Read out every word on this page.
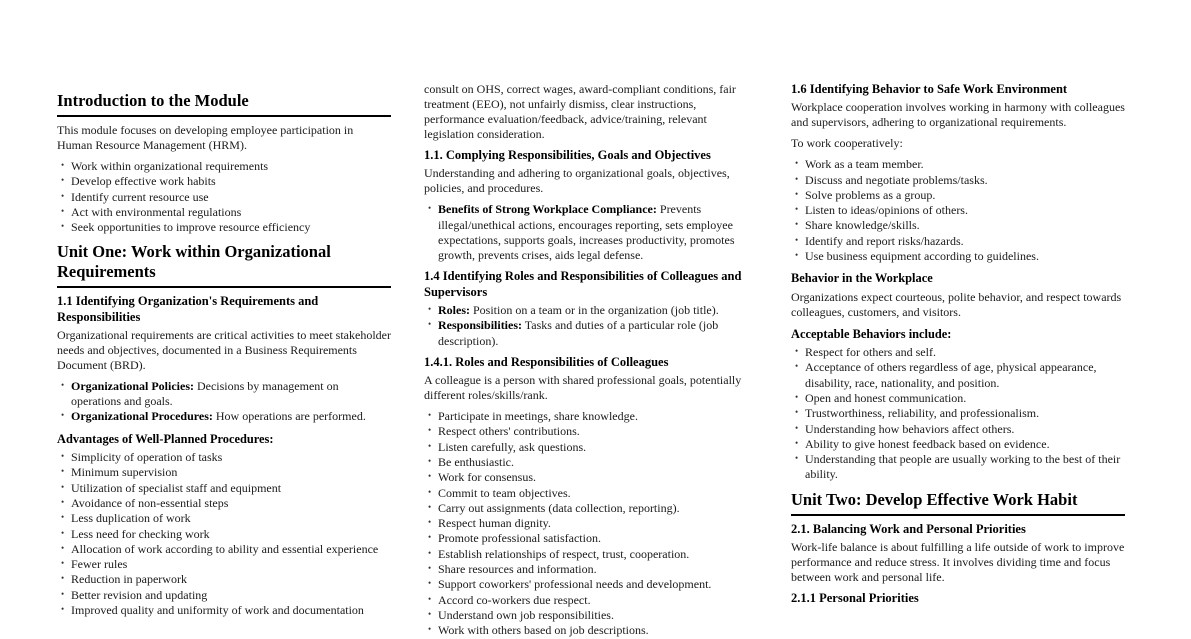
Introduction to the Module

This module focuses on developing employee participation in Human Resource Management (HRM).

• Work within organizational requirements
• Develop effective work habits
• Identify current resource use
• Act with environmental regulations
• Seek opportunities to improve resource efficiency
Unit One: Work within Organizational Requirements
1.1 Identifying Organization's Requirements and Responsibilities

Organizational requirements are critical activities to meet stakeholder needs and objectives, documented in a Business Requirements Document (BRD).

• Organizational Policies: Decisions by management on operations and goals.
• Organizational Procedures: How operations are performed.
Advantages of Well-Planned Procedures:
• Simplicity of operation of tasks
• Minimum supervision
• Utilization of specialist staff and equipment
• Avoidance of non-essential steps
• Less duplication of work
• Less need for checking work
• Allocation of work according to ability and essential experience
• Fewer rules
• Reduction in paperwork
• Better revision and updating
• Improved quality and uniformity of work and documentation

consult on OHS, correct wages, award-compliant conditions, fair treatment (EEO), not unfairly dismiss, clear instructions, performance evaluation/feedback, advice/training, relevant legislation consideration.

1.1. Complying Responsibilities, Goals and Objectives

Understanding and adhering to organizational goals, objectives, policies, and procedures.

• Benefits of Strong Workplace Compliance: Prevents illegal/unethical actions, encourages reporting, sets employee expectations, supports goals, increases productivity, promotes growth, prevents crises, aids legal defense.
1.4 Identifying Roles and Responsibilities of Colleagues and Supervisors
• Roles: Position on a team or in the organization (job title).
• Responsibilities: Tasks and duties of a particular role (job description).
1.4.1. Roles and Responsibilities of Colleagues

A colleague is a person with shared professional goals, potentially different roles/skills/rank.

• Participate in meetings, share knowledge.
• Respect others' contributions.
• Listen carefully, ask questions.
• Be enthusiastic.
• Work for consensus.
• Commit to team objectives.
• Carry out assignments (data collection, reporting).
• Respect human dignity.
• Promote professional satisfaction.
• Establish relationships of respect, trust, cooperation.
• Share resources and information.
• Support coworkers' professional needs and development.
• Accord co-workers due respect.
• Understand own job responsibilities.
• Work with others based on job descriptions.
1.6 Identifying Behavior to Safe Work Environment

Workplace cooperation involves working in harmony with colleagues and supervisors, adhering to organizational requirements.

To work cooperatively:

• Work as a team member.
• Discuss and negotiate problems/tasks.
• Solve problems as a group.
• Listen to ideas/opinions of others.
• Share knowledge/skills.
• Identify and report risks/hazards.
• Use business equipment according to guidelines.
Behavior in the Workplace

Organizations expect courteous, polite behavior, and respect towards colleagues, customers, and visitors.

Acceptable Behaviors include:
• Respect for others and self.
• Acceptance of others regardless of age, physical appearance, disability, race, nationality, and position.
• Open and honest communication.
• Trustworthiness, reliability, and professionalism.
• Understanding how behaviors affect others.
• Ability to give honest feedback based on evidence.
• Understanding that people are usually working to the best of their ability.
Unit Two: Develop Effective Work Habit
2.1. Balancing Work and Personal Priorities

Work-life balance is about fulfilling a life outside of work to improve performance and reduce stress. It involves dividing time and focus between work and personal life.

2.1.1 Personal Priorities
